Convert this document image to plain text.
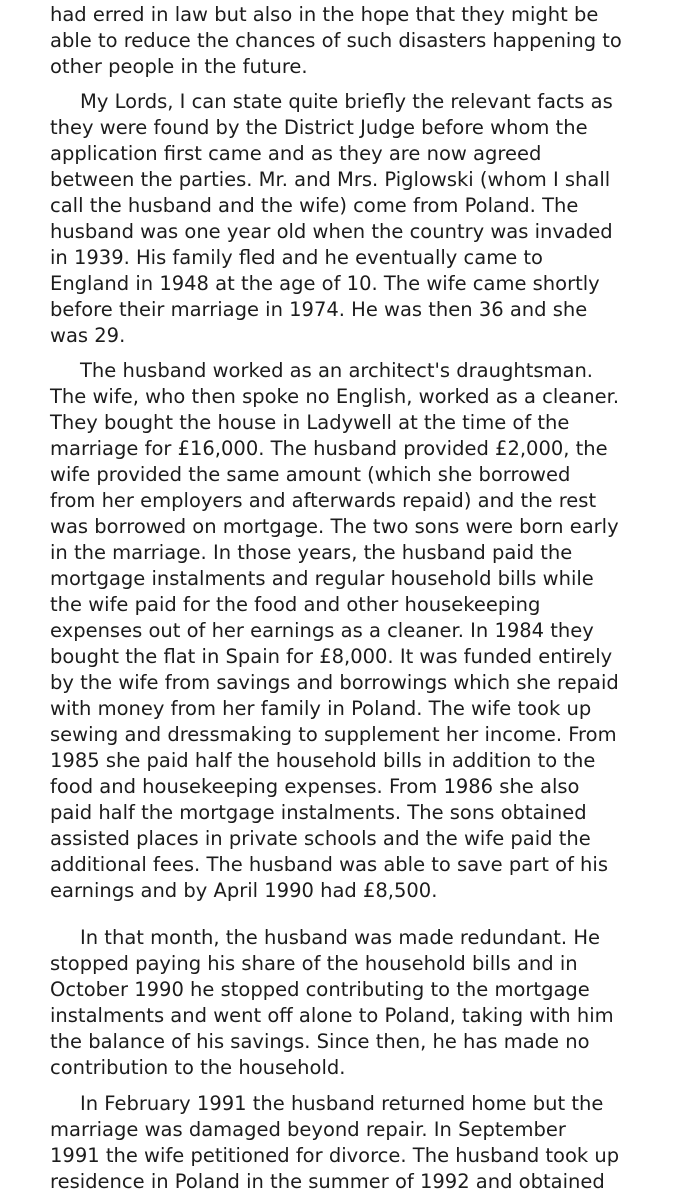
had erred in law but also in the hope that they might be
able to reduce the chances of such disasters happening to
other people in the future.
My Lords, I can state quite briefly the relevant facts as
they were found by the District Judge before whom the
application first came and as they are now agreed
between the parties. Mr. and Mrs. Piglowski (whom I shall
call the husband and the wife) come from Poland. The
husband was one year old when the country was invaded
in 1939. His family fled and he eventually came to
England in 1948 at the age of 10. The wife came shortly
before their marriage in 1974. He was then 36 and she
was 29.
The husband worked as an architect's draughtsman.
The wife, who then spoke no English, worked as a cleaner.
They bought the house in Ladywell at the time of the
marriage for £16,000. The husband provided £2,000, the
wife provided the same amount (which she borrowed
from her employers and afterwards repaid) and the rest
was borrowed on mortgage. The two sons were born early
in the marriage. In those years, the husband paid the
mortgage instalments and regular household bills while
the wife paid for the food and other housekeeping
expenses out of her earnings as a cleaner. In 1984 they
bought the flat in Spain for £8,000. It was funded entirely
by the wife from savings and borrowings which she repaid
with money from her family in Poland. The wife took up
sewing and dressmaking to supplement her income. From
1985 she paid half the household bills in addition to the
food and housekeeping expenses. From 1986 she also
paid half the mortgage instalments. The sons obtained
assisted places in private schools and the wife paid the
additional fees. The husband was able to save part of his
earnings and by April 1990 had £8,500.
In that month, the husband was made redundant. He
stopped paying his share of the household bills and in
October 1990 he stopped contributing to the mortgage
instalments and went off alone to Poland, taking with him
the balance of his savings. Since then, he has made no
contribution to the household.
In February 1991 the husband returned home but the
marriage was damaged beyond repair. In September
1991 the wife petitioned for divorce. The husband took up
residence in Poland in the summer of 1992 and obtained
